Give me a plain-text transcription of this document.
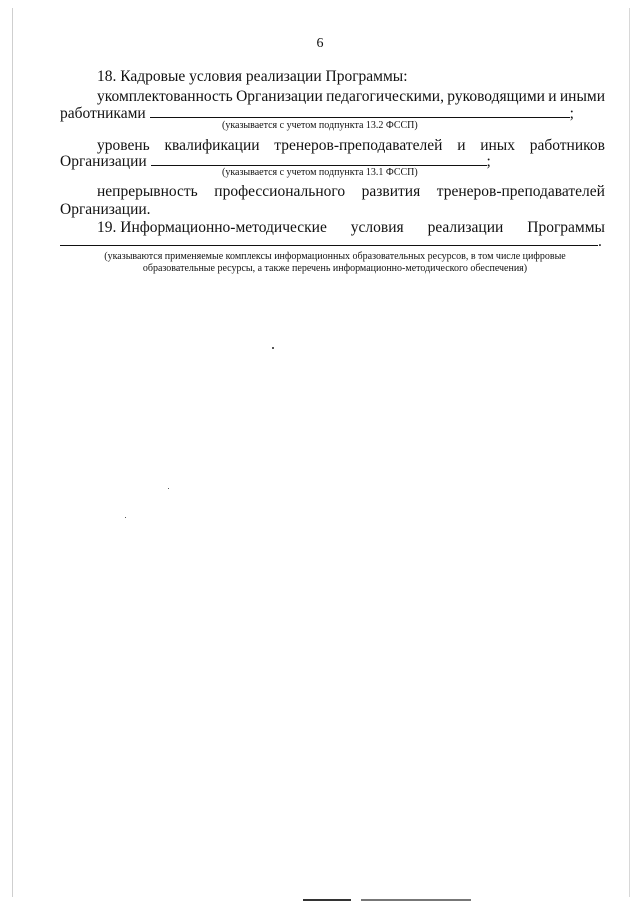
6
18. Кадровые условия реализации Программы:
укомплектованность Организации педагогическими, руководящими и иными
работниками	;
(указывается с учетом подпункта 13.2 ФССП)
уровень квалификации тренеров-преподавателей и иных работников
Организации	;
(указывается с учетом подпункта 13.1 ФССП)
непрерывность профессионального развития тренеров-преподавателей
Организации.
19. Информационно-методические условия реализации Программы
.
(указываются применяемые комплексы информационных образовательных ресурсов, в том числе цифровые
образовательные ресурсы, а также перечень информационно-методического обеспечения)
